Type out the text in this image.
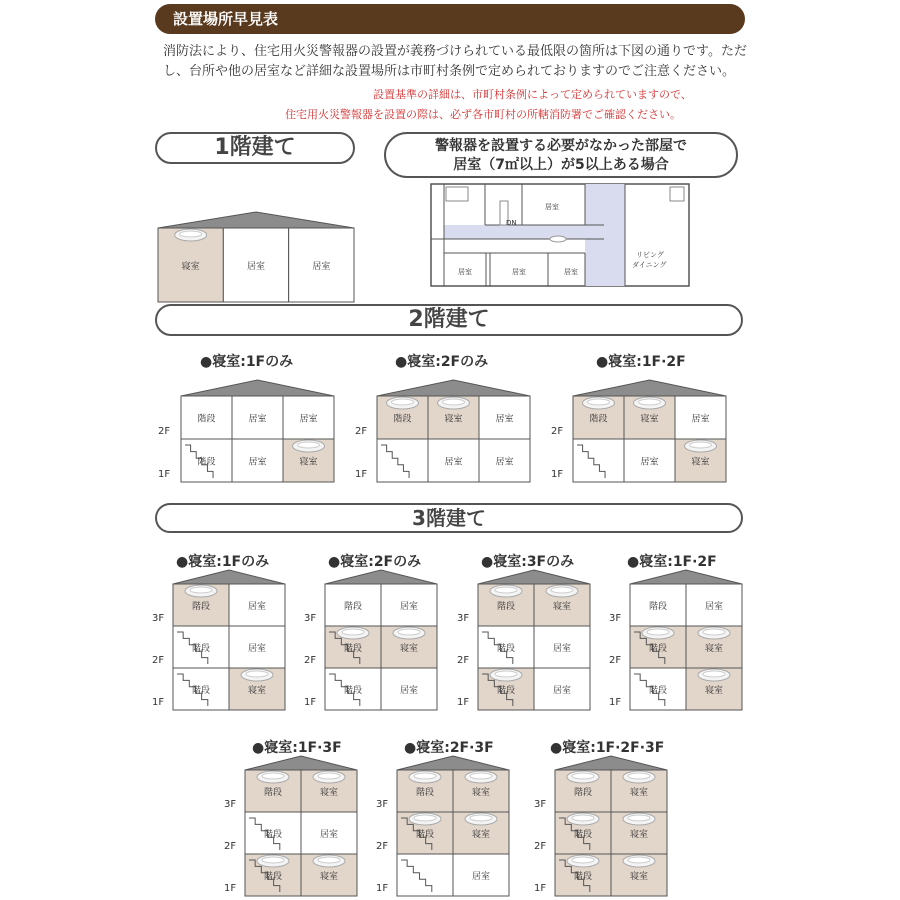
設置場所早見表
消防法により、住宅用火災警報器の設置が義務づけられている最低限の箇所は下図の通りです。ただし、台所や他の居室など詳細な設置場所は市町村条例で定められておりますのでご注意ください。
設置基準の詳細は、市町村条例によって定められていますので、
住宅用火災警報器を設置の際は、必ず各市町村の所轄消防署でご確認ください。
1階建て	警報器を設置する必要がなかった部屋で
居室（7㎡以上）が5以上ある場合
居室
DN
居室	居室	居室
リビング
ダイニング
2階建て
3階建て
寝室	居室	居室
●寝室:1Fのみ
2F
1F
階段	居室	居室
階段	居室	寝室
●寝室:2Fのみ
2F
1F
階段	寝室	居室
居室	居室
●寝室:1F·2F
2F
1F
階段	寝室	居室
居室	寝室
●寝室:1Fのみ
3F
2F
1F
階段	居室
階段	居室
階段	寝室
●寝室:2Fのみ
3F
2F
1F
階段	居室
階段	寝室
階段	居室
●寝室:3Fのみ
3F
2F
1F
階段	寝室
階段	居室
階段	居室
●寝室:1F·2F
3F
2F
1F
階段	居室
階段	寝室
階段	寝室
●寝室:1F·3F
3F
2F
1F
階段	寝室
階段	居室
階段	寝室
●寝室:2F·3F
3F
2F
1F
階段	寝室
階段	寝室
居室
●寝室:1F·2F·3F
3F
2F
1F
階段	寝室
階段	寝室
階段	寝室
